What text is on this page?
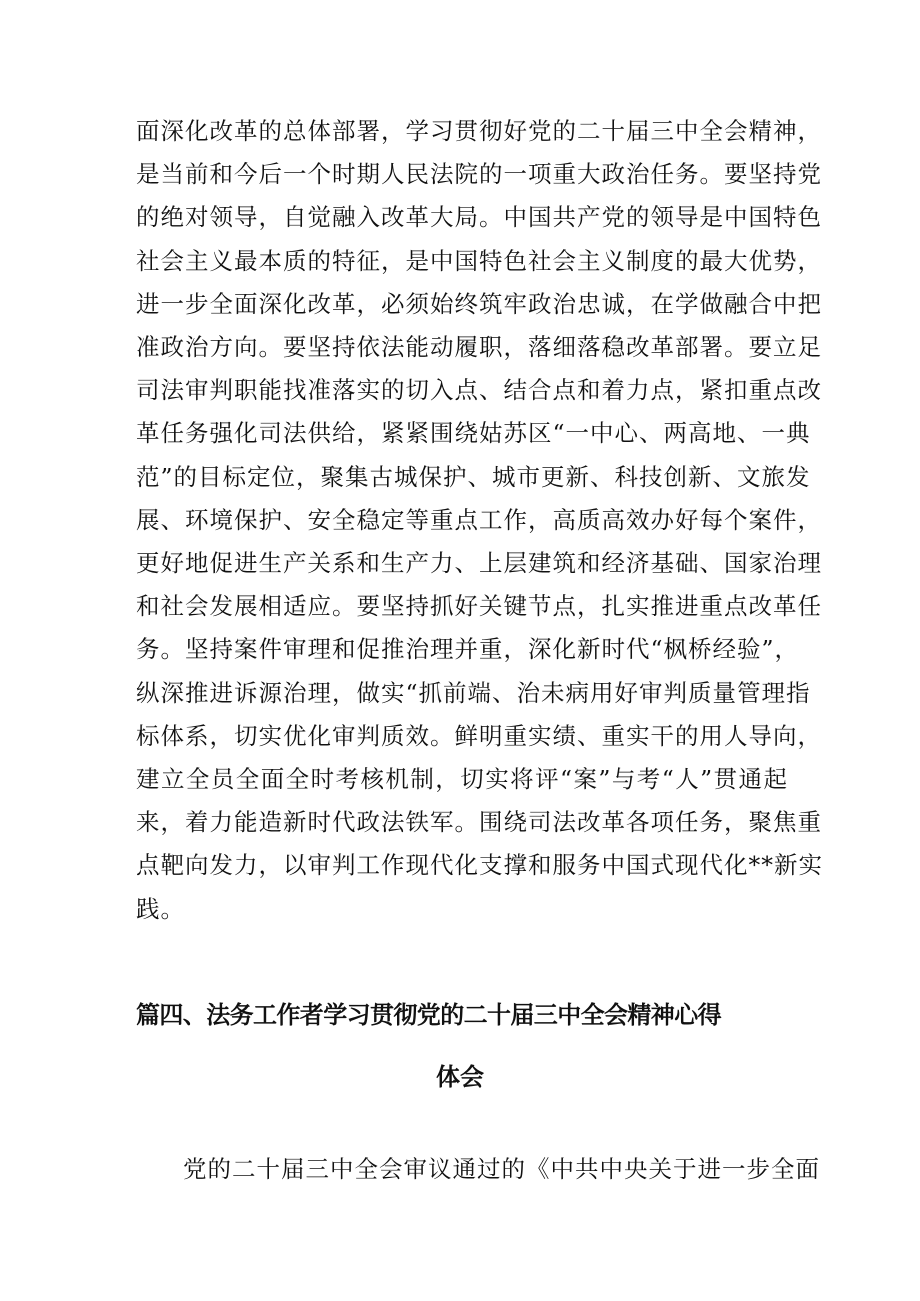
面深化改革的总体部署，学习贯彻好党的二十届三中全会精神，
是当前和今后一个时期人民法院的一项重大政治任务。要坚持党
的绝对领导，自觉融入改革大局。中国共产党的领导是中国特色
社会主义最本质的特征，是中国特色社会主义制度的最大优势，
进一步全面深化改革，必须始终筑牢政治忠诚，在学做融合中把
准政治方向。要坚持依法能动履职，落细落稳改革部署。要立足
司法审判职能找准落实的切入点、结合点和着力点，紧扣重点改
革任务强化司法供给，紧紧围绕姑苏区“一中心、两高地、一典
范”的目标定位，聚集古城保护、城市更新、科技创新、文旅发
展、环境保护、安全稳定等重点工作，高质高效办好每个案件，
更好地促进生产关系和生产力、上层建筑和经济基础、国家治理
和社会发展相适应。要坚持抓好关键节点，扎实推进重点改革任
务。坚持案件审理和促推治理并重，深化新时代“枫桥经验”，
纵深推进诉源治理，做实“抓前端、治未病用好审判质量管理指
标体系，切实优化审判质效。鲜明重实绩、重实干的用人导向，
建立全员全面全时考核机制，切实将评“案”与考“人”贯通起
来，着力能造新时代政法铁军。围绕司法改革各项任务，聚焦重
点靶向发力，以审判工作现代化支撑和服务中国式现代化**新实
践。
篇四、法务工作者学习贯彻党的二十届三中全会精神心得
体会

党的二十届三中全会审议通过的《中共中央关于进一步全面
